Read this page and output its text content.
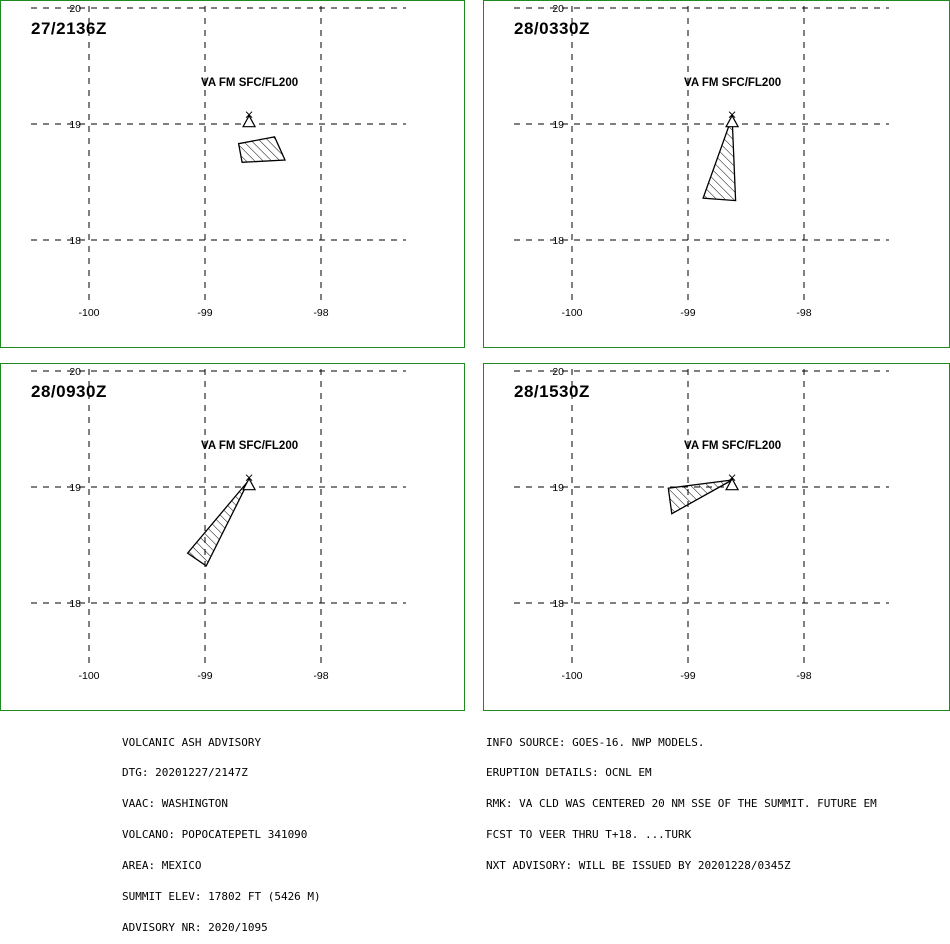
27/2136Z
VA FM SFC/FL200
20
19
18
-100	-99	-98
28/0330Z
VA FM SFC/FL200
20
19
18
-100	-99	-98
28/0930Z
VA FM SFC/FL200
20
19
18
-100	-99	-98
28/1530Z
VA FM SFC/FL200
20
19
18
-100	-99	-98

VOLCANIC ASH ADVISORY

DTG: 20201227/2147Z

VAAC: WASHINGTON

VOLCANO: POPOCATEPETL 341090

AREA: MEXICO

SUMMIT ELEV: 17802 FT (5426 M)

ADVISORY NR: 2020/1095

INFO SOURCE: GOES-16. NWP MODELS.

ERUPTION DETAILS: OCNL EM

RMK: VA CLD WAS CENTERED 20 NM SSE OF THE SUMMIT. FUTURE EM

FCST TO VEER THRU T+18. ...TURK

NXT ADVISORY: WILL BE ISSUED BY 20201228/0345Z
